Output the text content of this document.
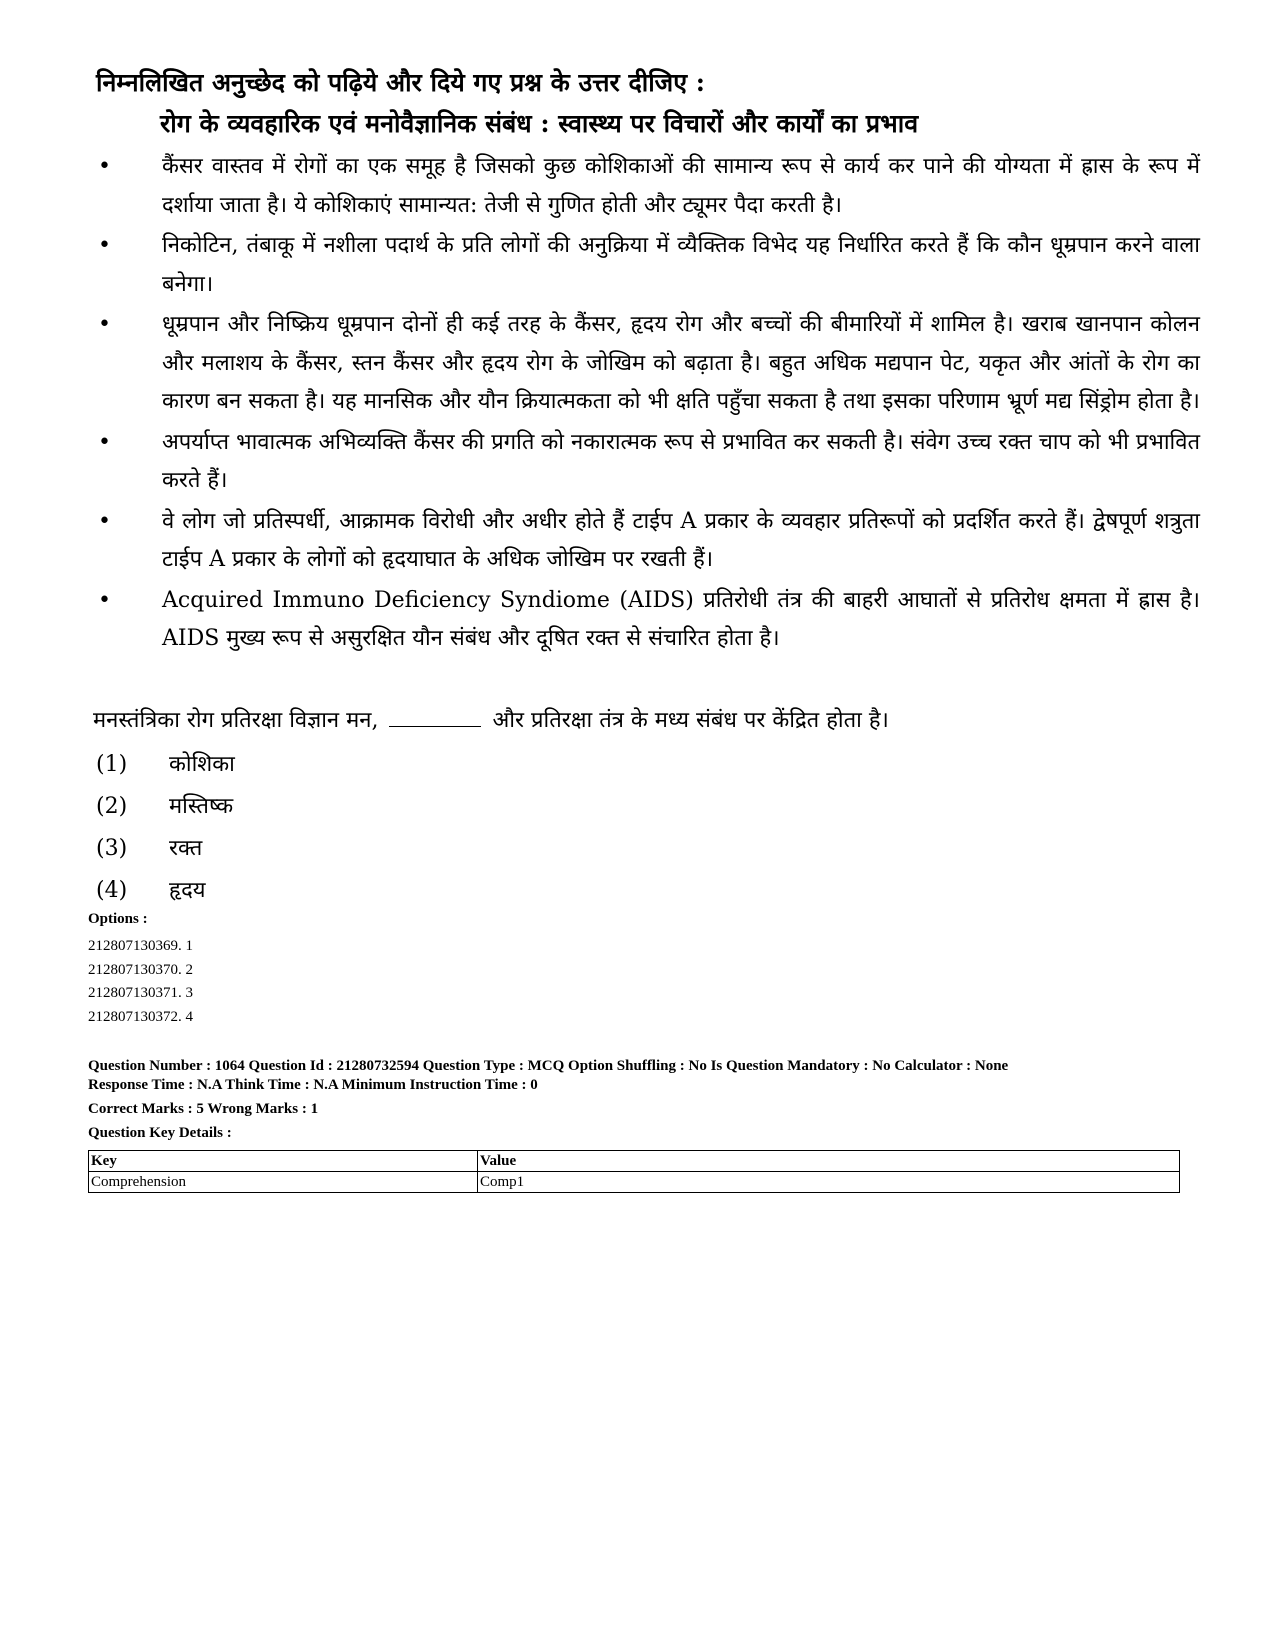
निम्नलिखित अनुच्छेद को पढ़िये और दिये गए प्रश्न के उत्तर दीजिए :
रोग के व्यवहारिक एवं मनोवैज्ञानिक संबंध : स्वास्थ्य पर विचारों और कार्यों का प्रभाव
• कैंसर वास्तव में रोगों का एक समूह है जिसको कुछ कोशिकाओं की सामान्य रूप से कार्य कर पाने की योग्यता में ह्रास के रूप में दर्शाया जाता है। ये कोशिकाएं सामान्यत: तेजी से गुणित होती और ट्यूमर पैदा करती है।
• निकोटिन, तंबाकू में नशीला पदार्थ के प्रति लोगों की अनुक्रिया में व्यैक्तिक विभेद यह निर्धारित करते हैं कि कौन धूम्रपान करने वाला बनेगा।
• धूम्रपान और निष्क्रिय धूम्रपान दोनों ही कई तरह के कैंसर, हृदय रोग और बच्चों की बीमारियों में शामिल है। खराब खानपान कोलन और मलाशय के कैंसर, स्तन कैंसर और हृदय रोग के जोखिम को बढ़ाता है। बहुत अधिक मद्यपान पेट, यकृत और आंतों के रोग का कारण बन सकता है। यह मानसिक और यौन क्रियात्मकता को भी क्षति पहुँचा सकता है तथा इसका परिणाम भ्रूर्ण मद्य सिंड्रोम होता है।
• अपर्याप्त भावात्मक अभिव्यक्ति कैंसर की प्रगति को नकारात्मक रूप से प्रभावित कर सकती है। संवेग उच्च रक्त चाप को भी प्रभावित करते हैं।
• वे लोग जो प्रतिस्पर्धी, आक्रामक विरोधी और अधीर होते हैं टाईप A प्रकार के व्यवहार प्रतिरूपों को प्रदर्शित करते हैं। द्वेषपूर्ण शत्रुता टाईप A प्रकार के लोगों को हृदयाघात के अधिक जोखिम पर रखती हैं।
• Acquired Immuno Deficiency Syndiome (AIDS) प्रतिरोधी तंत्र की बाहरी आघातों से प्रतिरोध क्षमता में ह्रास है। AIDS मुख्य रूप से असुरक्षित यौन संबंध और दूषित रक्त से संचारित होता है।
मनस्तंत्रिका रोग प्रतिरक्षा विज्ञान मन,	और प्रतिरक्षा तंत्र के मध्य संबंध पर केंद्रित होता है।
(1) कोशिका
(2) मस्तिष्क
(3) रक्त
(4) हृदय
Options :
212807130369. 1
212807130370. 2
212807130371. 3
212807130372. 4
Question Number : 1064 Question Id : 21280732594 Question Type : MCQ Option Shuffling : No Is Question Mandatory : No Calculator : None
Response Time : N.A Think Time : N.A Minimum Instruction Time : 0
Correct Marks : 5 Wrong Marks : 1
Question Key Details :
Key	Value
Comprehension	Comp1
